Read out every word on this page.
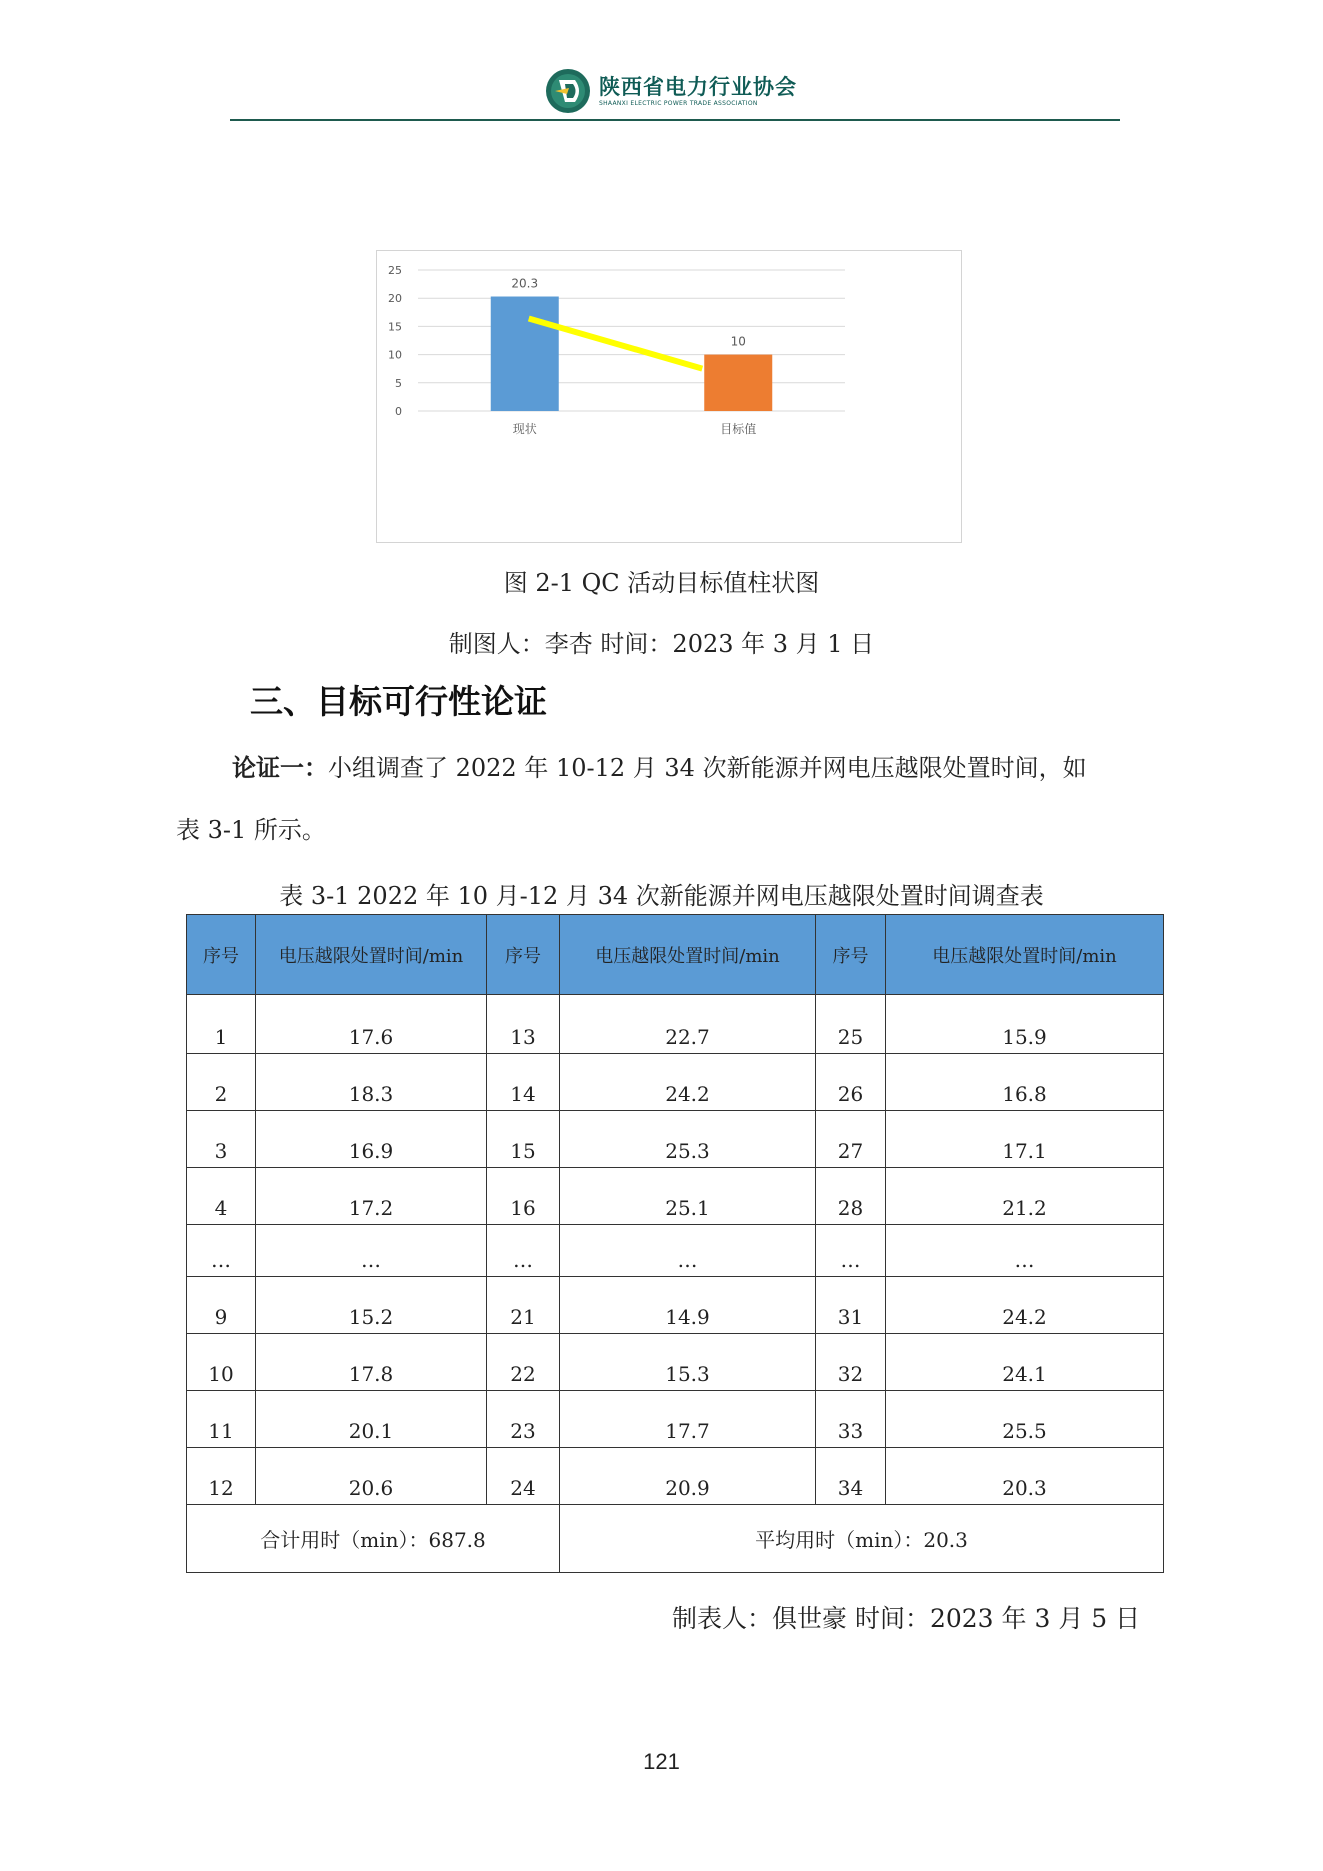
陕西省电力行业协会
SHAANXI ELECTRIC POWER TRADE ASSOCIATION
0
5
10
15
20
25
20.3
现状
10
目标值
图 2-1 QC 活动目标值柱状图
制图人：李杏 时间：2023 年 3 月 1 日
三、目标可行性论证
论证一：小组调查了 2022 年 10-12 月 34 次新能源并网电压越限处置时间，如
表 3-1 所示。
表 3-1 2022 年 10 月-12 月 34 次新能源并网电压越限处置时间调查表
序号	电压越限处置时间/min	序号	电压越限处置时间/min	序号	电压越限处置时间/min
1	17.6	13	22.7	25	15.9
2	18.3	14	24.2	26	16.8
3	16.9	15	25.3	27	17.1
4	17.2	16	25.1	28	21.2
…	…	…	…	…	…
9	15.2	21	14.9	31	24.2
10	17.8	22	15.3	32	24.1
11	20.1	23	17.7	33	25.5
12	20.6	24	20.9	34	20.3
合计用时（min）：687.8			平均用时（min）：20.3		
制表人：俱世豪 时间：2023 年 3 月 5 日
121
